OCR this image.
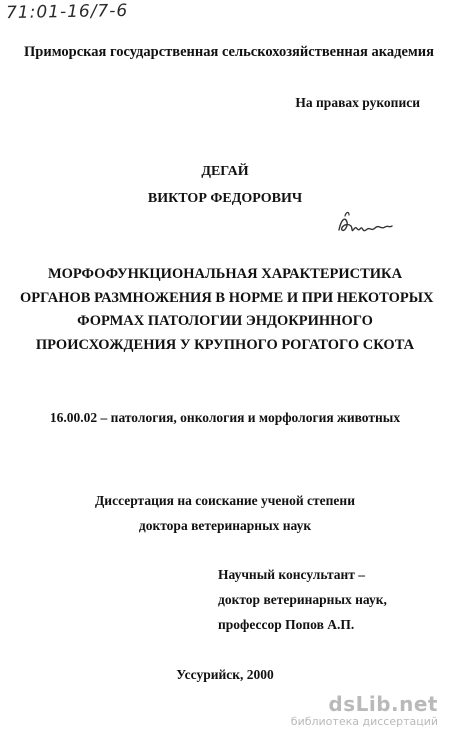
71:01-16/7-6
Приморская государственная сельскохозяйственная академия
На правах рукописи
ДЕГАЙ
ВИКТОР ФЕДОРОВИЧ
МОРФОФУНКЦИОНАЛЬНАЯ ХАРАКТЕРИСТИКА
ОРГАНОВ РАЗМНОЖЕНИЯ В НОРМЕ И ПРИ НЕКОТОРЫХ
ФОРМАХ ПАТОЛОГИИ ЭНДОКРИННОГО
ПРОИСХОЖДЕНИЯ У КРУПНОГО РОГАТОГО СКОТА
16.00.02 – патология, онкология и морфология животных
Диссертация на соискание ученой степени
доктора ветеринарных наук
Научный консультант –
доктор ветеринарных наук,
профессор Попов А.П.
Уссурийск, 2000
dsLib.net
библиотека диссертаций
